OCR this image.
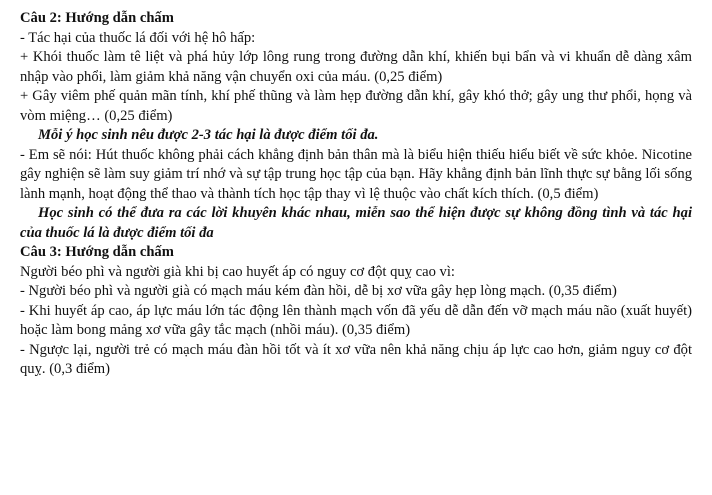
Câu 2: Hướng dẫn chấm

- Tác hại của thuốc lá đối với hệ hô hấp:

+ Khói thuốc làm tê liệt và phá hủy lớp lông rung trong đường dẫn khí, khiến bụi bẩn và vi khuẩn dễ dàng xâm nhập vào phổi, làm giảm khả năng vận chuyển oxi của máu. (0,25 điểm)

+ Gây viêm phế quản mãn tính, khí phế thũng và làm hẹp đường dẫn khí, gây khó thở; gây ung thư phổi, họng và vòm miệng… (0,25 điểm)

Mỗi ý học sinh nêu được 2-3 tác hại là được điểm tối đa.

- Em sẽ nói: Hút thuốc không phải cách khẳng định bản thân mà là biểu hiện thiếu hiểu biết về sức khỏe. Nicotine gây nghiện sẽ làm suy giảm trí nhớ và sự tập trung học tập của bạn. Hãy khẳng định bản lĩnh thực sự bằng lối sống lành mạnh, hoạt động thể thao và thành tích học tập thay vì lệ thuộc vào chất kích thích. (0,5 điểm)

Học sinh có thể đưa ra các lời khuyên khác nhau, miễn sao thể hiện được sự không đồng tình và tác hại của thuốc lá là được điểm tối đa

Câu 3: Hướng dẫn chấm

Người béo phì và người già khi bị cao huyết áp có nguy cơ đột quỵ cao vì:

- Người béo phì và người già có mạch máu kém đàn hồi, dễ bị xơ vữa gây hẹp lòng mạch. (0,35 điểm)

- Khi huyết áp cao, áp lực máu lớn tác động lên thành mạch vốn đã yếu dễ dẫn đến vỡ mạch máu não (xuất huyết) hoặc làm bong mảng xơ vữa gây tắc mạch (nhồi máu). (0,35 điểm)

- Ngược lại, người trẻ có mạch máu đàn hồi tốt và ít xơ vữa nên khả năng chịu áp lực cao hơn, giảm nguy cơ đột quỵ. (0,3 điểm)
